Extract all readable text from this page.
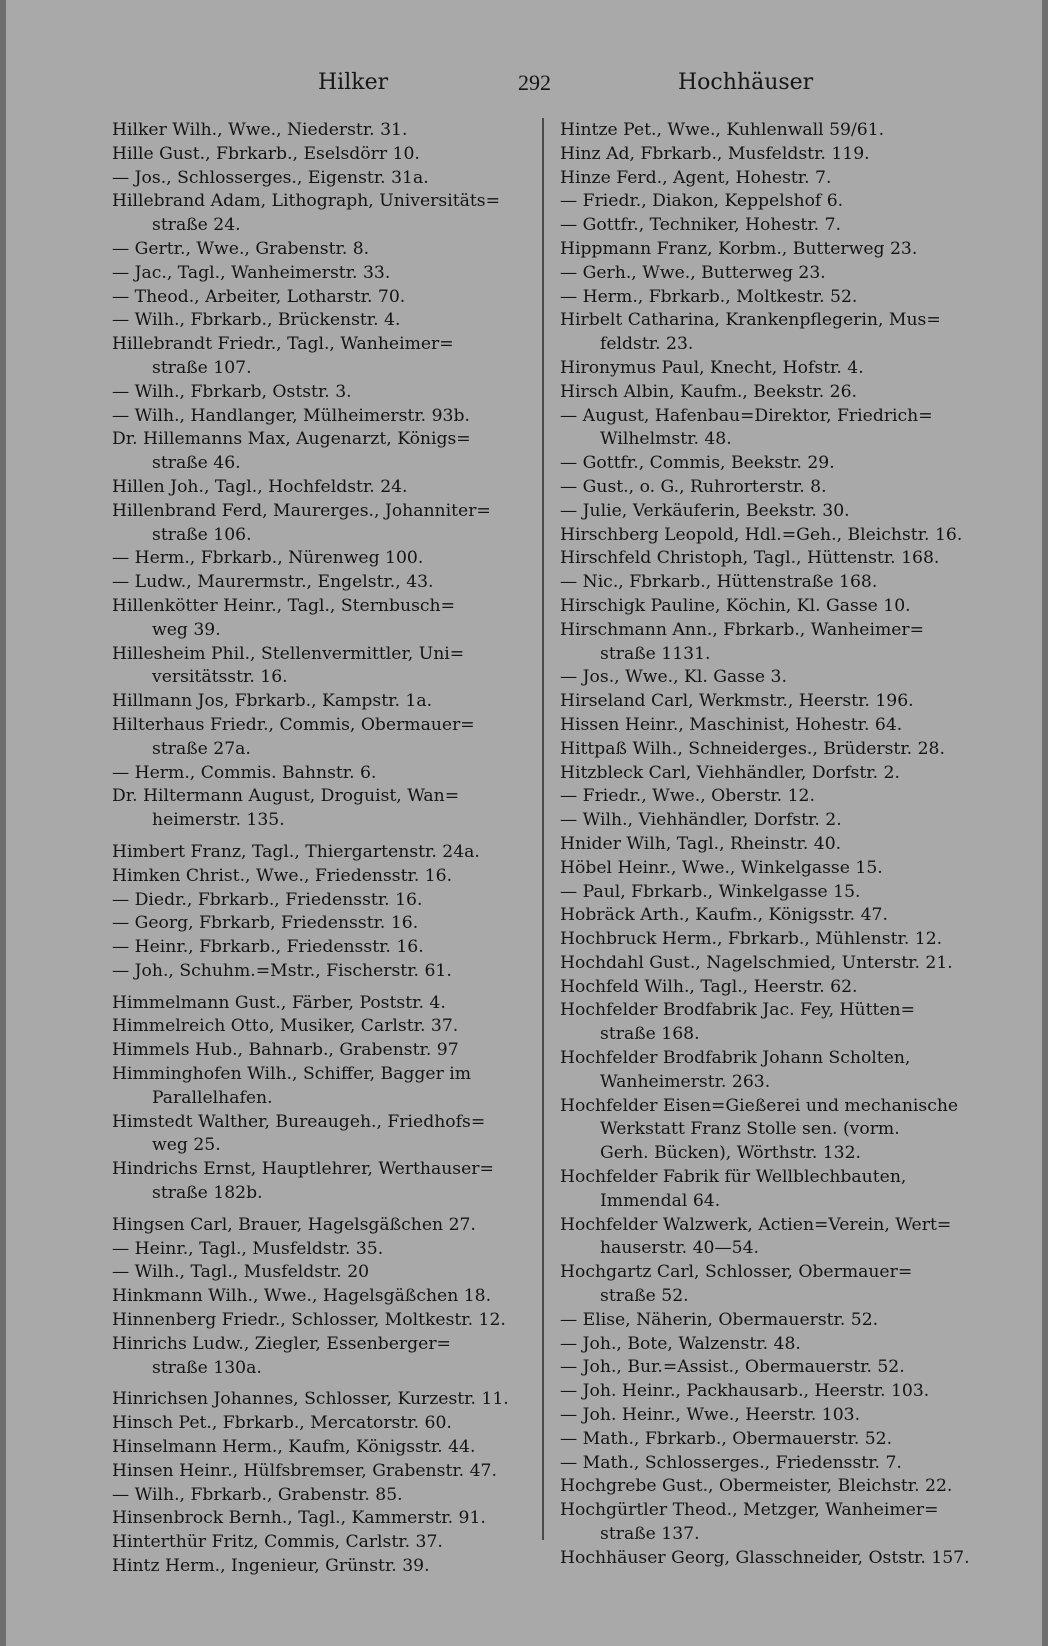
Hilker	292	Hochhäuser
Hilker Wilh., Wwe., Niederstr. 31.
Hille Gust., Fbrkarb., Eselsdörr 10.
— Jos., Schlosserges., Eigenstr. 31a.
Hillebrand Adam, Lithograph, Universitäts=
straße 24.
— Gertr., Wwe., Grabenstr. 8.
— Jac., Tagl., Wanheimerstr. 33.
— Theod., Arbeiter, Lotharstr. 70.
— Wilh., Fbrkarb., Brückenstr. 4.
Hillebrandt Friedr., Tagl., Wanheimer=
straße 107.
— Wilh., Fbrkarb, Oststr. 3.
— Wilh., Handlanger, Mülheimerstr. 93b.
Dr. Hillemanns Max, Augenarzt, Königs=
straße 46.
Hillen Joh., Tagl., Hochfeldstr. 24.
Hillenbrand Ferd, Maurerges., Johanniter=
straße 106.
— Herm., Fbrkarb., Nürenweg 100.
— Ludw., Maurermstr., Engelstr., 43.
Hillenkötter Heinr., Tagl., Sternbusch=
weg 39.
Hillesheim Phil., Stellenvermittler, Uni=
versitätsstr. 16.
Hillmann Jos, Fbrkarb., Kampstr. 1a.
Hilterhaus Friedr., Commis, Obermauer=
straße 27a.
— Herm., Commis. Bahnstr. 6.
Dr. Hiltermann August, Droguist, Wan=
heimerstr. 135.
Himbert Franz, Tagl., Thiergartenstr. 24a.
Himken Christ., Wwe., Friedensstr. 16.
— Diedr., Fbrkarb., Friedensstr. 16.
— Georg, Fbrkarb, Friedensstr. 16.
— Heinr., Fbrkarb., Friedensstr. 16.
— Joh., Schuhm.=Mstr., Fischerstr. 61.
Himmelmann Gust., Färber, Poststr. 4.
Himmelreich Otto, Musiker, Carlstr. 37.
Himmels Hub., Bahnarb., Grabenstr. 97
Himminghofen Wilh., Schiffer, Bagger im
Parallelhafen.
Himstedt Walther, Bureaugeh., Friedhofs=
weg 25.
Hindrichs Ernst, Hauptlehrer, Werthauser=
straße 182b.
Hingsen Carl, Brauer, Hagelsgäßchen 27.
— Heinr., Tagl., Musfeldstr. 35.
— Wilh., Tagl., Musfeldstr. 20
Hinkmann Wilh., Wwe., Hagelsgäßchen 18.
Hinnenberg Friedr., Schlosser, Moltkestr. 12.
Hinrichs Ludw., Ziegler, Essenberger=
straße 130a.
Hinrichsen Johannes, Schlosser, Kurzestr. 11.
Hinsch Pet., Fbrkarb., Mercatorstr. 60.
Hinselmann Herm., Kaufm, Königsstr. 44.
Hinsen Heinr., Hülfsbremser, Grabenstr. 47.
— Wilh., Fbrkarb., Grabenstr. 85.
Hinsenbrock Bernh., Tagl., Kammerstr. 91.
Hinterthür Fritz, Commis, Carlstr. 37.
Hintz Herm., Ingenieur, Grünstr. 39.
Hintze Pet., Wwe., Kuhlenwall 59/61.
Hinz Ad, Fbrkarb., Musfeldstr. 119.
Hinze Ferd., Agent, Hohestr. 7.
— Friedr., Diakon, Keppelshof 6.
— Gottfr., Techniker, Hohestr. 7.
Hippmann Franz, Korbm., Butterweg 23.
— Gerh., Wwe., Butterweg 23.
— Herm., Fbrkarb., Moltkestr. 52.
Hirbelt Catharina, Krankenpflegerin, Mus=
feldstr. 23.
Hironymus Paul, Knecht, Hofstr. 4.
Hirsch Albin, Kaufm., Beekstr. 26.
— August, Hafenbau=Direktor, Friedrich=
Wilhelmstr. 48.
— Gottfr., Commis, Beekstr. 29.
— Gust., o. G., Ruhrorterstr. 8.
— Julie, Verkäuferin, Beekstr. 30.
Hirschberg Leopold, Hdl.=Geh., Bleichstr. 16.
Hirschfeld Christoph, Tagl., Hüttenstr. 168.
— Nic., Fbrkarb., Hüttenstraße 168.
Hirschigk Pauline, Köchin, Kl. Gasse 10.
Hirschmann Ann., Fbrkarb., Wanheimer=
straße 1131.
— Jos., Wwe., Kl. Gasse 3.
Hirseland Carl, Werkmstr., Heerstr. 196.
Hissen Heinr., Maschinist, Hohestr. 64.
Hittpaß Wilh., Schneiderges., Brüderstr. 28.
Hitzbleck Carl, Viehhändler, Dorfstr. 2.
— Friedr., Wwe., Oberstr. 12.
— Wilh., Viehhändler, Dorfstr. 2.
Hnider Wilh, Tagl., Rheinstr. 40.
Höbel Heinr., Wwe., Winkelgasse 15.
— Paul, Fbrkarb., Winkelgasse 15.
Hobräck Arth., Kaufm., Königsstr. 47.
Hochbruck Herm., Fbrkarb., Mühlenstr. 12.
Hochdahl Gust., Nagelschmied, Unterstr. 21.
Hochfeld Wilh., Tagl., Heerstr. 62.
Hochfelder Brodfabrik Jac. Fey, Hütten=
straße 168.
Hochfelder Brodfabrik Johann Scholten,
Wanheimerstr. 263.
Hochfelder Eisen=Gießerei und mechanische
Werkstatt Franz Stolle sen. (vorm.
Gerh. Bücken), Wörthstr. 132.
Hochfelder Fabrik für Wellblechbauten,
Immendal 64.
Hochfelder Walzwerk, Actien=Verein, Wert=
hauserstr. 40—54.
Hochgartz Carl, Schlosser, Obermauer=
straße 52.
— Elise, Näherin, Obermauerstr. 52.
— Joh., Bote, Walzenstr. 48.
— Joh., Bur.=Assist., Obermauerstr. 52.
— Joh. Heinr., Packhausarb., Heerstr. 103.
— Joh. Heinr., Wwe., Heerstr. 103.
— Math., Fbrkarb., Obermauerstr. 52.
— Math., Schlosserges., Friedensstr. 7.
Hochgrebe Gust., Obermeister, Bleichstr. 22.
Hochgürtler Theod., Metzger, Wanheimer=
straße 137.
Hochhäuser Georg, Glasschneider, Oststr. 157.
